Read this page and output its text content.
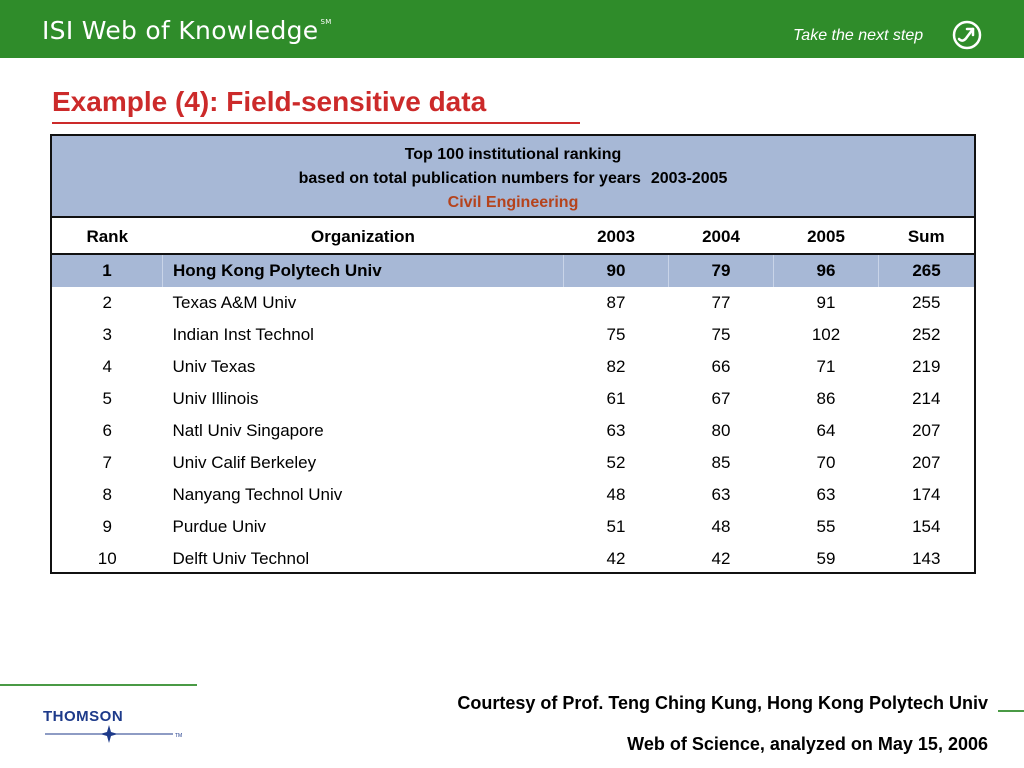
ISI Web of Knowledge ℠
Take the next step
Example (4): Field-sensitive data
Top 100 institutional ranking
based on total publication numbers for years 2003-2005
Civil Engineering
Rank	Organization	2003	2004	2005	Sum
1	Hong Kong Polytech Univ	90	79	96	265
2	Texas A&M Univ	87	77	91	255
3	Indian Inst Technol	75	75	102	252
4	Univ Texas	82	66	71	219
5	Univ Illinois	61	67	86	214
6	Natl Univ Singapore	63	80	64	207
7	Univ Calif Berkeley	52	85	70	207
8	Nanyang Technol Univ	48	63	63	174
9	Purdue Univ	51	48	55	154
10	Delft Univ Technol	42	42	59	143
THOMSON
TM
Courtesy of Prof. Teng Ching Kung, Hong Kong Polytech Univ
Web of Science, analyzed on May 15, 2006
